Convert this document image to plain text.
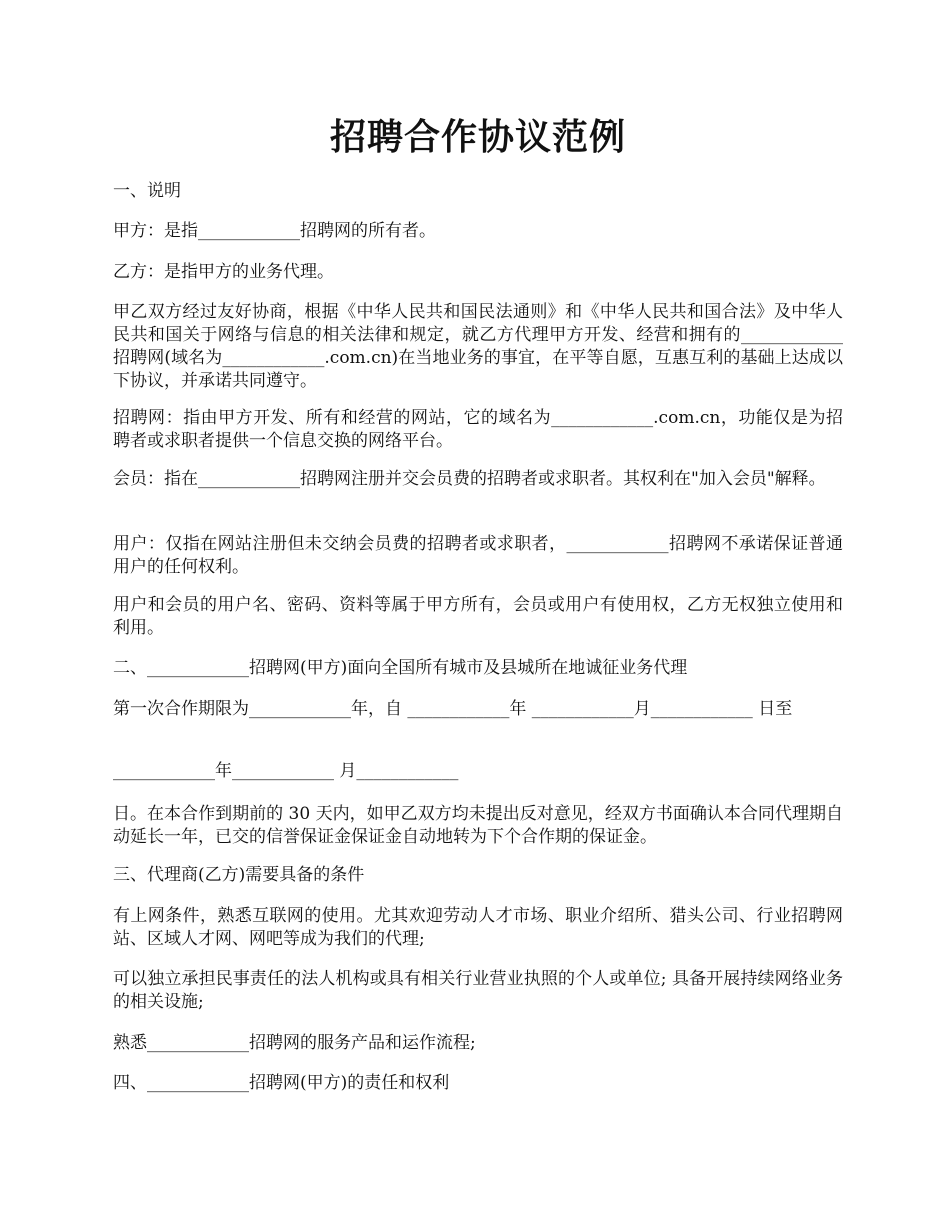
招聘合作协议范例

一、说明

甲方：是指____________招聘网的所有者。

乙方：是指甲方的业务代理。

甲乙双方经过友好协商，根据《中华人民共和国民法通则》和《中华人民共和国合法》及中华人民共和国关于网络与信息的相关法律和规定，就乙方代理甲方开发、经营和拥有的____________招聘网(域名为____________.com.cn)在当地业务的事宜，在平等自愿，互惠互利的基础上达成以下协议，并承诺共同遵守。

招聘网：指由甲方开发、所有和经营的网站，它的域名为____________.com.cn，功能仅是为招聘者或求职者提供一个信息交换的网络平台。

会员：指在____________招聘网注册并交会员费的招聘者或求职者。其权利在"加入会员"解释。

用户：仅指在网站注册但未交纳会员费的招聘者或求职者，____________招聘网不承诺保证普通用户的任何权利。

用户和会员的用户名、密码、资料等属于甲方所有，会员或用户有使用权，乙方无权独立使用和利用。

二、____________招聘网(甲方)面向全国所有城市及县城所在地诚征业务代理

第一次合作期限为____________年，自 ____________年 ____________月____________ 日至

____________年____________ 月____________

日。在本合作到期前的 30 天内，如甲乙双方均未提出反对意见，经双方书面确认本合同代理期自动延长一年，已交的信誉保证金保证金自动地转为下个合作期的保证金。

三、代理商(乙方)需要具备的条件

有上网条件，熟悉互联网的使用。尤其欢迎劳动人才市场、职业介绍所、猎头公司、行业招聘网站、区域人才网、网吧等成为我们的代理;

可以独立承担民事责任的法人机构或具有相关行业营业执照的个人或单位; 具备开展持续网络业务的相关设施;

熟悉____________招聘网的服务产品和运作流程;

四、____________招聘网(甲方)的责任和权利
